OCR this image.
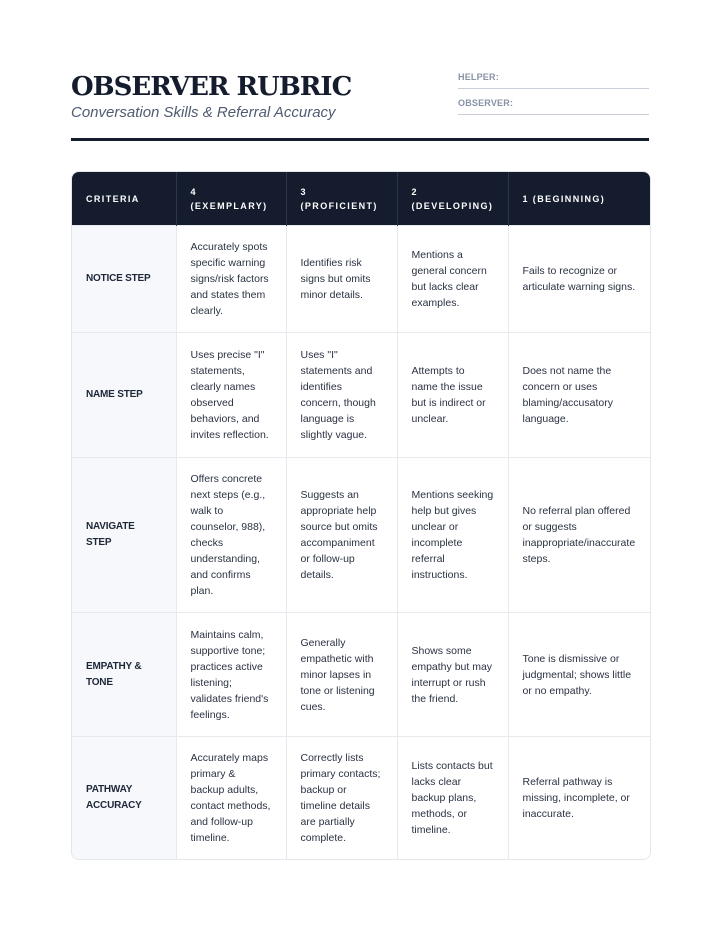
OBSERVER RUBRIC
Conversation Skills & Referral Accuracy
HELPER:
OBSERVER:
CRITERIA	4 (EXEMPLARY)	3 (PROFICIENT)	2 (DEVELOPING)	1 (BEGINNING)
NOTICE STEP	Accurately spots specific warning signs/risk factors and states them clearly.	Identifies risk signs but omits minor details.	Mentions a general concern but lacks clear examples.	Fails to recognize or articulate warning signs.
NAME STEP	Uses precise "I" statements, clearly names observed behaviors, and invites reflection.	Uses "I" statements and identifies concern, though language is slightly vague.	Attempts to name the issue but is indirect or unclear.	Does not name the concern or uses blaming/accusatory language.
NAVIGATE STEP	Offers concrete next steps (e.g., walk to counselor, 988), checks understanding, and confirms plan.	Suggests an appropriate help source but omits accompaniment or follow-up details.	Mentions seeking help but gives unclear or incomplete referral instructions.	No referral plan offered or suggests inappropriate/inaccurate steps.
EMPATHY & TONE	Maintains calm, supportive tone; practices active listening; validates friend's feelings.	Generally empathetic with minor lapses in tone or listening cues.	Shows some empathy but may interrupt or rush the friend.	Tone is dismissive or judgmental; shows little or no empathy.
PATHWAY ACCURACY	Accurately maps primary & backup adults, contact methods, and follow-up timeline.	Correctly lists primary contacts; backup or timeline details are partially complete.	Lists contacts but lacks clear backup plans, methods, or timeline.	Referral pathway is missing, incomplete, or inaccurate.
